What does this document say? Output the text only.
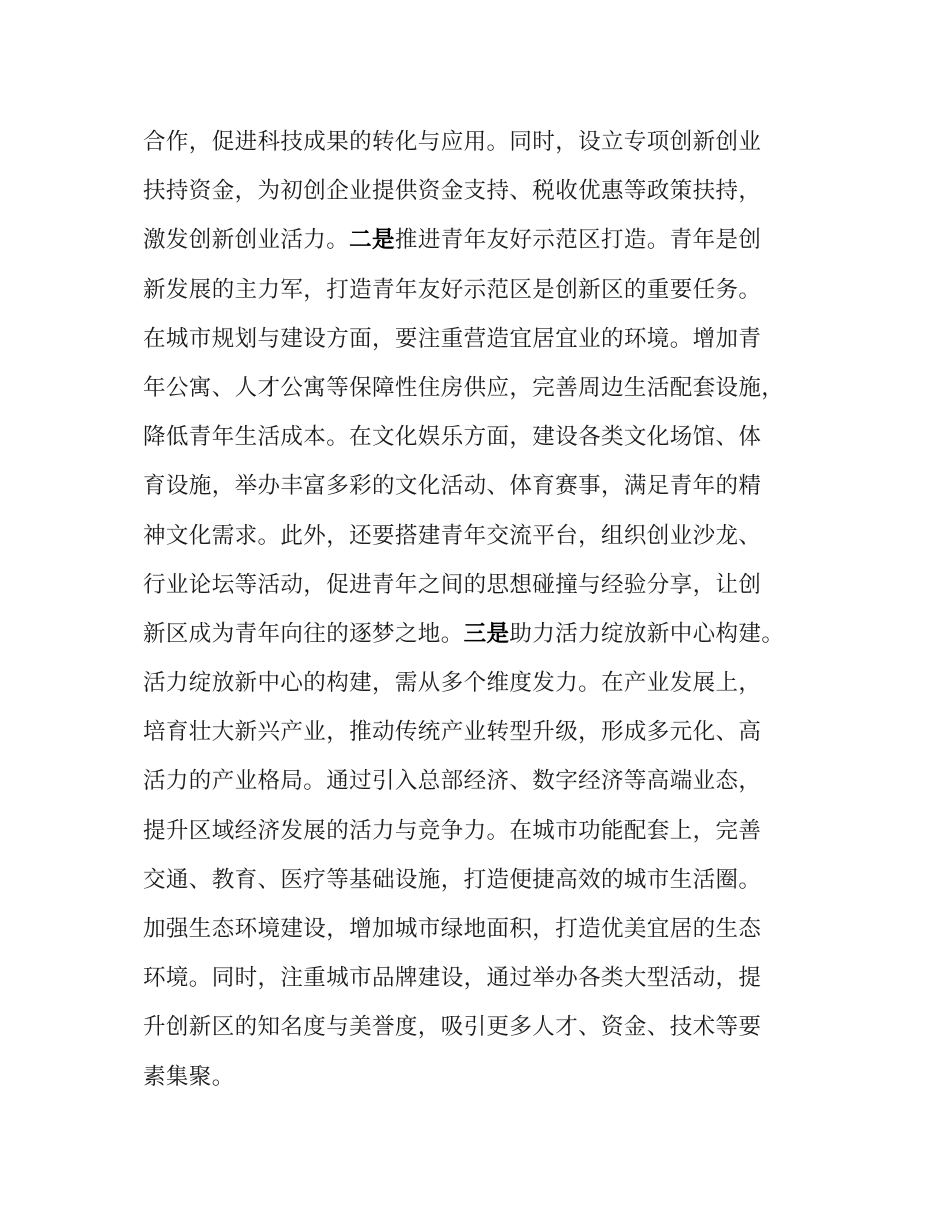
合作，促进科技成果的转化与应用。同时，设立专项创新创业
扶持资金，为初创企业提供资金支持、税收优惠等政策扶持，
激发创新创业活力。二是推进青年友好示范区打造。青年是创
新发展的主力军，打造青年友好示范区是创新区的重要任务。
在城市规划与建设方面，要注重营造宜居宜业的环境。增加青
年公寓、人才公寓等保障性住房供应，完善周边生活配套设施，
降低青年生活成本。在文化娱乐方面，建设各类文化场馆、体
育设施，举办丰富多彩的文化活动、体育赛事，满足青年的精
神文化需求。此外，还要搭建青年交流平台，组织创业沙龙、
行业论坛等活动，促进青年之间的思想碰撞与经验分享，让创
新区成为青年向往的逐梦之地。三是助力活力绽放新中心构建。
活力绽放新中心的构建，需从多个维度发力。在产业发展上，
培育壮大新兴产业，推动传统产业转型升级，形成多元化、高
活力的产业格局。通过引入总部经济、数字经济等高端业态，
提升区域经济发展的活力与竞争力。在城市功能配套上，完善
交通、教育、医疗等基础设施，打造便捷高效的城市生活圈。
加强生态环境建设，增加城市绿地面积，打造优美宜居的生态
环境。同时，注重城市品牌建设，通过举办各类大型活动，提
升创新区的知名度与美誉度，吸引更多人才、资金、技术等要
素集聚。
